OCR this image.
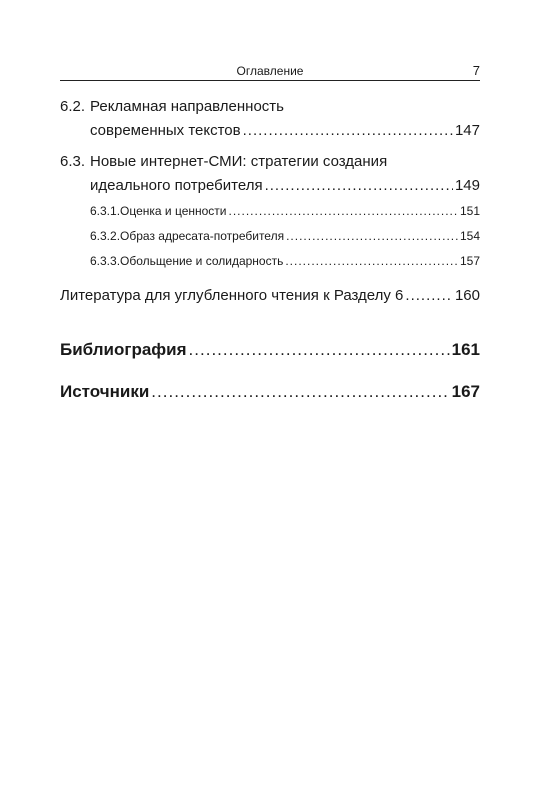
Оглавление	7
6.2. Рекламная направленность
современных текстов .....	147
6.3. Новые интернет-СМИ: стратегии создания
идеального потребителя .....	149
6.3.1. Оценка и ценности .....	151
6.3.2. Образ адресата-потребителя .....	154
6.3.3. Обольщение и солидарность .....	157
Литература для углубленного чтения к Разделу 6 .....	160
Библиография .....	161
Источники .....	167
